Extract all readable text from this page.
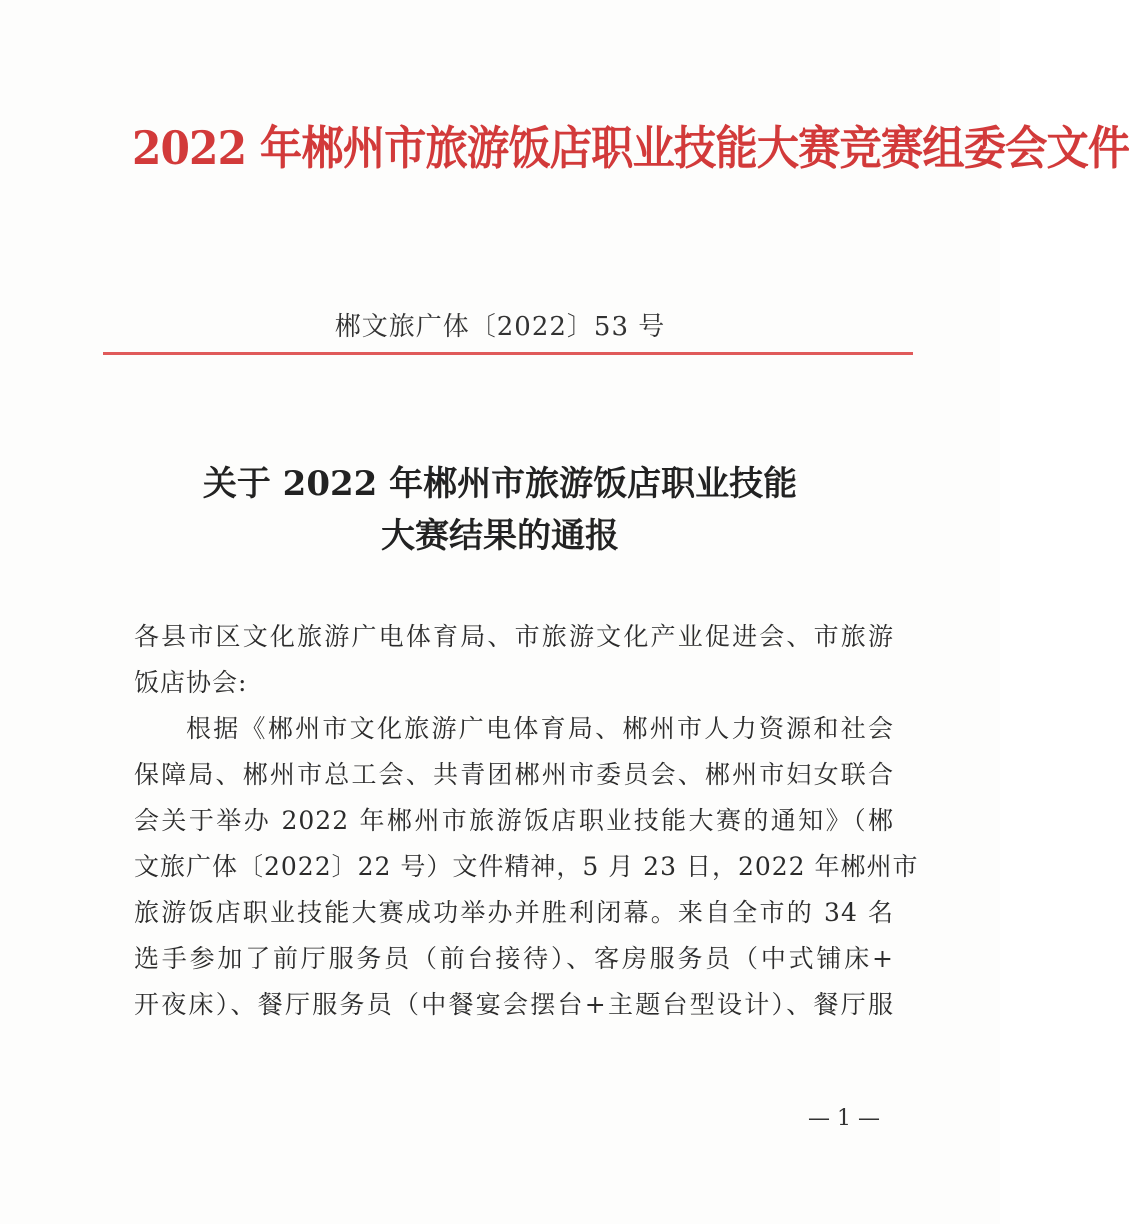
2022 年郴州市旅游饭店职业技能大赛竞赛组委会文件
郴文旅广体〔2022〕53 号
关于 2022 年郴州市旅游饭店职业技能
大赛结果的通报
各县市区文化旅游广电体育局、市旅游文化产业促进会、市旅游
饭店协会:
根据《郴州市文化旅游广电体育局、郴州市人力资源和社会
保障局、郴州市总工会、共青团郴州市委员会、郴州市妇女联合
会关于举办 2022 年郴州市旅游饭店职业技能大赛的通知》（郴
文旅广体〔2022〕22 号）文件精神，5 月 23 日，2022 年郴州市
旅游饭店职业技能大赛成功举办并胜利闭幕。来自全市的 34 名
选手参加了前厅服务员（前台接待）、客房服务员（中式铺床+
开夜床）、餐厅服务员（中餐宴会摆台+主题台型设计）、餐厅服
— 1 —
